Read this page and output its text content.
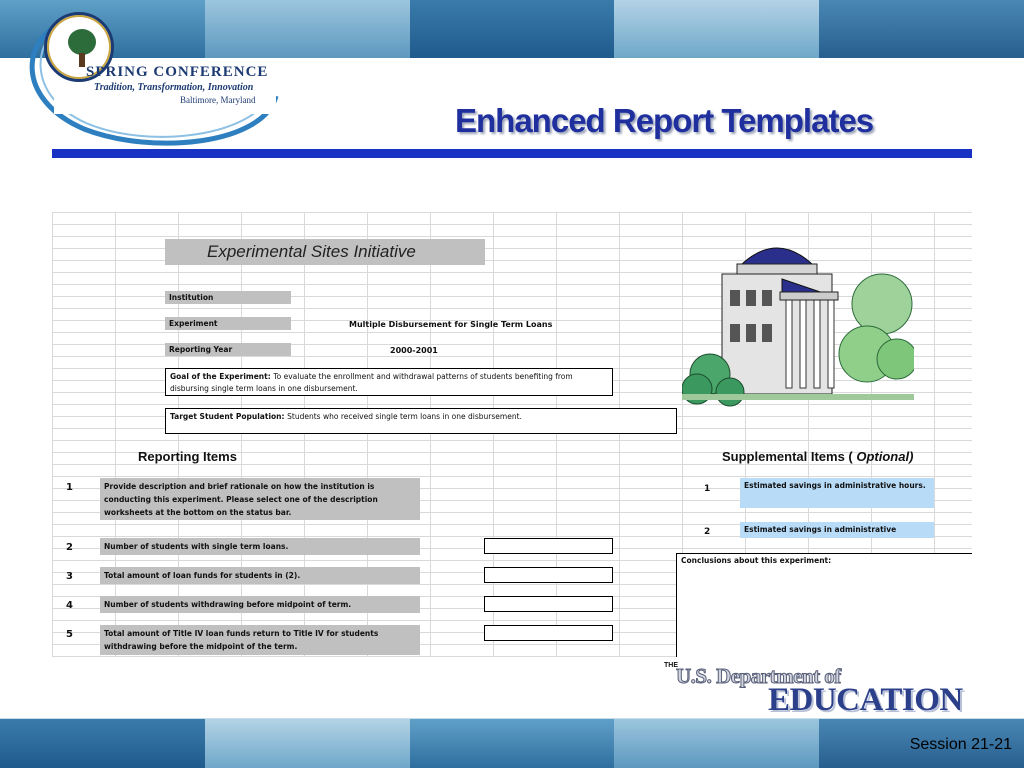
SPRING CONFERENCE
Tradition, Transformation, Innovation
Baltimore, Maryland
Enhanced Report Templates
Experimental Sites Initiative
Institution
Experiment	Multiple Disbursement for Single Term Loans
Reporting Year	2000-2001
Goal of the Experiment: To evaluate the enrollment and withdrawal patterns of students benefiting from disbursing single term loans in one disbursement.
Target Student Population: Students who received single term loans in one disbursement.
Reporting Items
1	Provide description and brief rationale on how the institution is conducting this experiment. Please select one of the description worksheets at the bottom on the status bar.
2	Number of students with single term loans.
3	Total amount of loan funds for students in (2).
4	Number of students withdrawing before midpoint of term.
5	Total amount of Title IV loan funds return to Title IV for students withdrawing before the midpoint of the term.
Supplemental Items ( Optional)
1	Estimated savings in administrative hours.
2	Estimated savings in administrative
Conclusions about this experiment:
THE
U.S. Department of
EDUCATION
Session 21-21
